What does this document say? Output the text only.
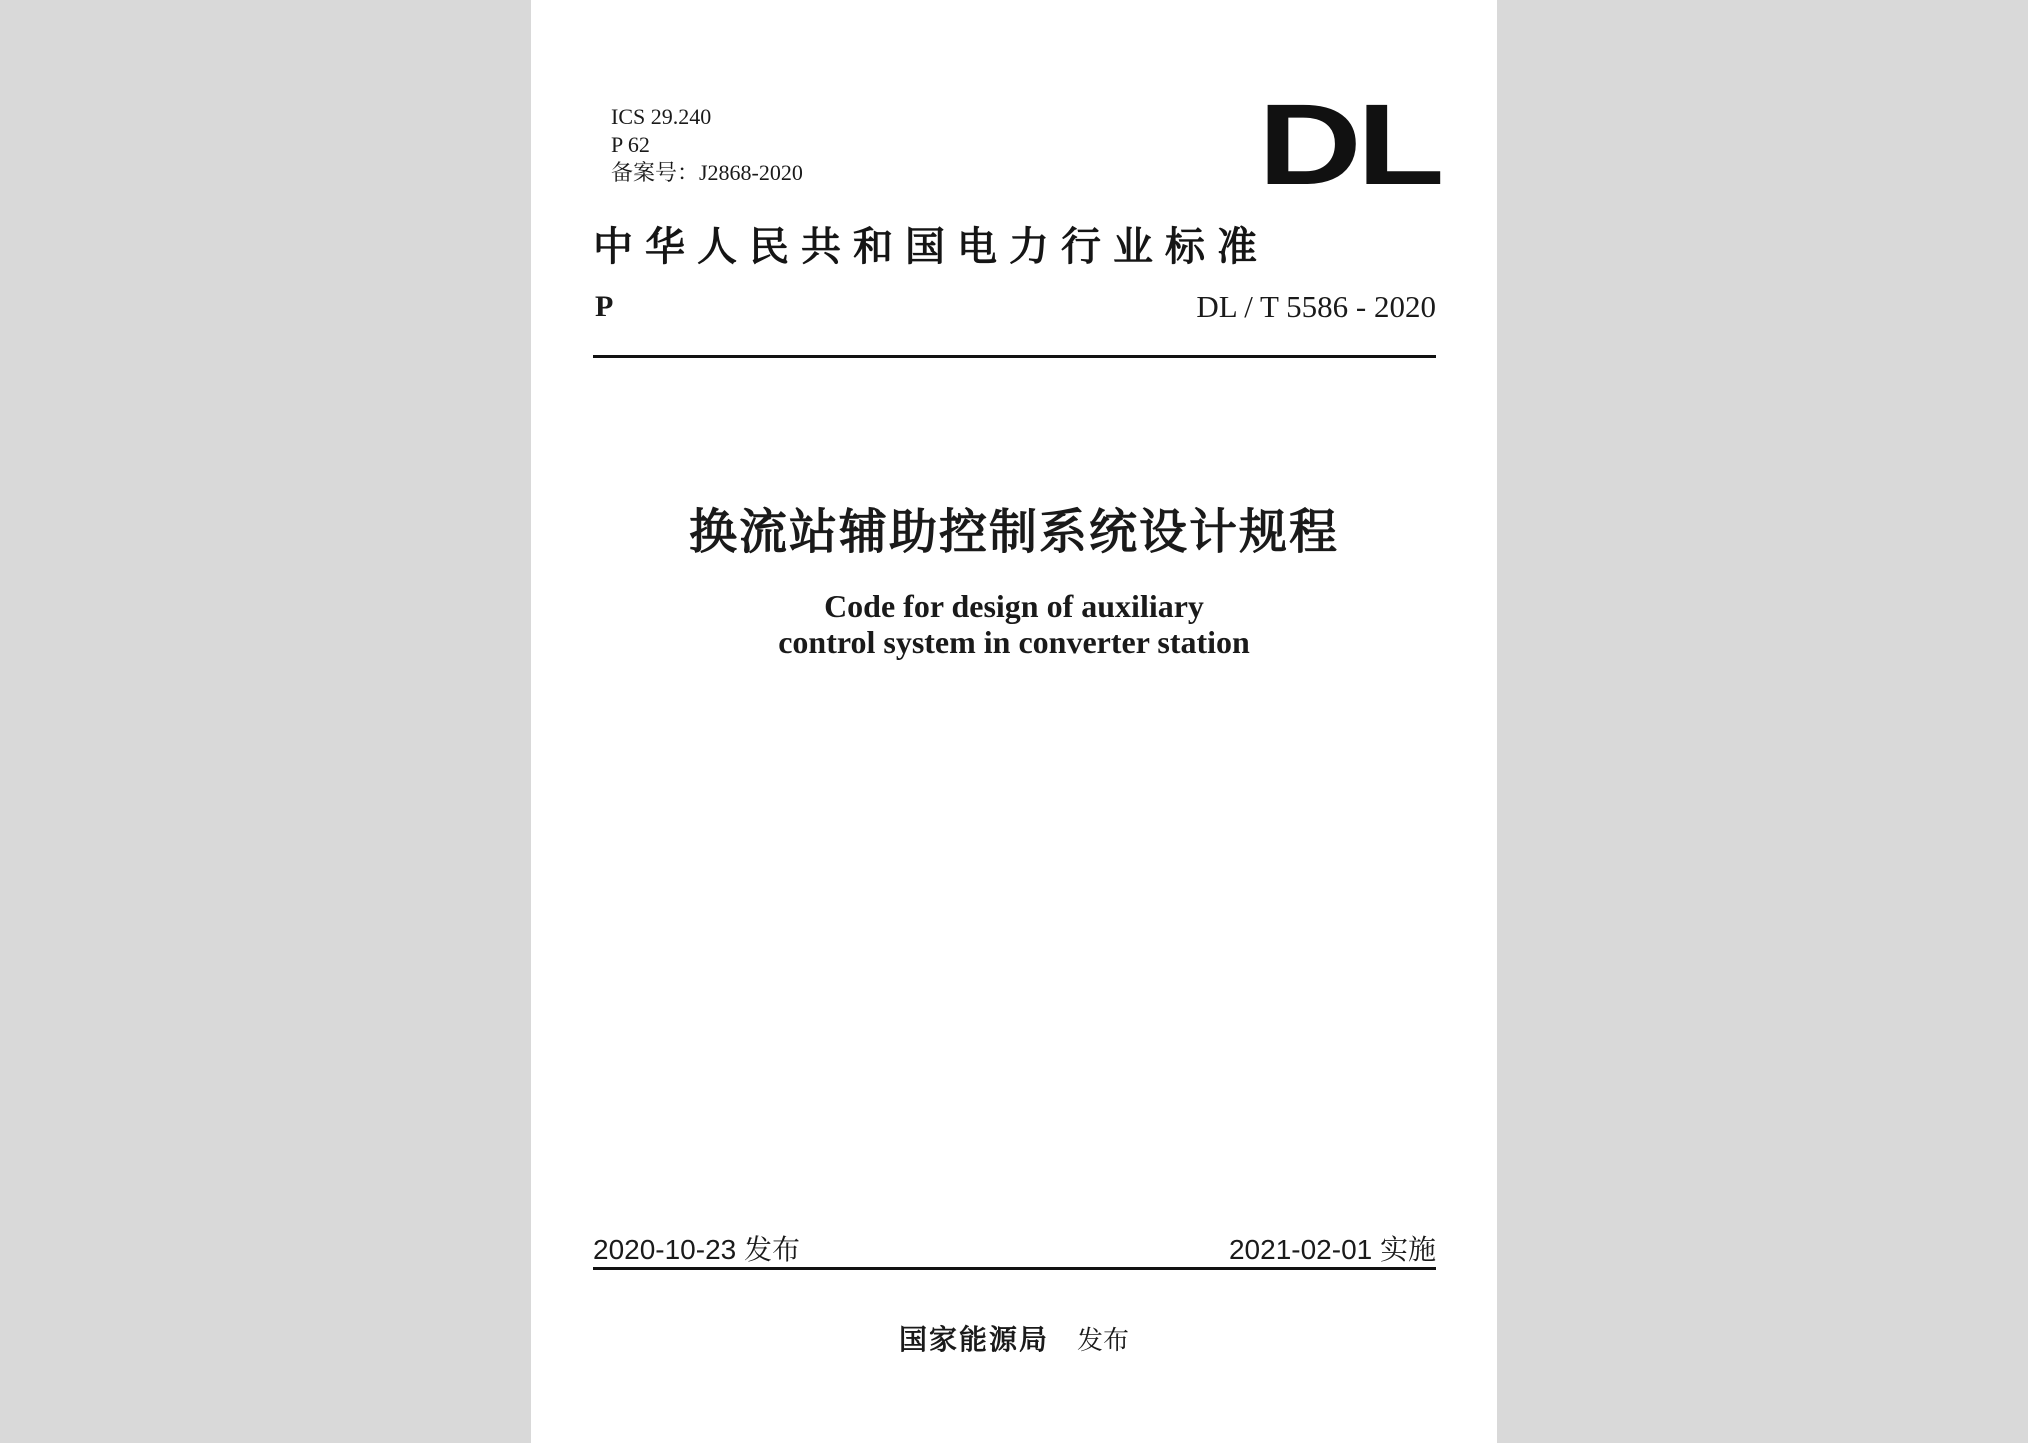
ICS 29.240
P 62
备案号：J2868-2020	DL
中华人民共和国电力行业标准
P	DL / T 5586 - 2020
换流站辅助控制系统设计规程
Code for design of auxiliary
control system in converter station
2020-10-23 发布	2021-02-01 实施
国家能源局 发布
